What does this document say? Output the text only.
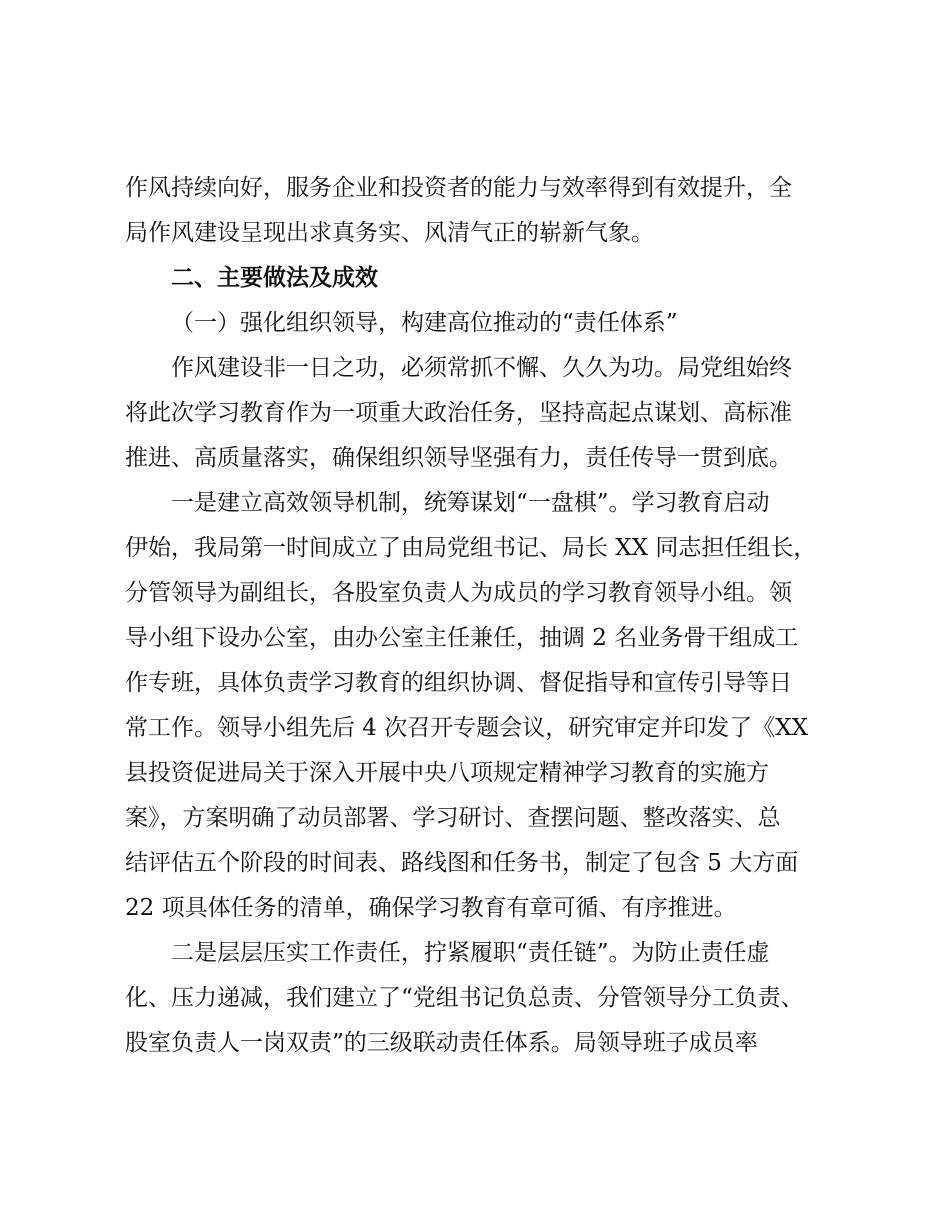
作风持续向好，服务企业和投资者的能力与效率得到有效提升，全
局作风建设呈现出求真务实、风清气正的崭新气象。
二、主要做法及成效
（一）强化组织领导，构建高位推动的“责任体系”
作风建设非一日之功，必须常抓不懈、久久为功。局党组始终
将此次学习教育作为一项重大政治任务，坚持高起点谋划、高标准
推进、高质量落实，确保组织领导坚强有力，责任传导一贯到底。
一是建立高效领导机制，统筹谋划“一盘棋”。学习教育启动
伊始，我局第一时间成立了由局党组书记、局长 XX 同志担任组长，
分管领导为副组长，各股室负责人为成员的学习教育领导小组。领
导小组下设办公室，由办公室主任兼任，抽调 2 名业务骨干组成工
作专班，具体负责学习教育的组织协调、督促指导和宣传引导等日
常工作。领导小组先后 4 次召开专题会议，研究审定并印发了《XX
县投资促进局关于深入开展中央八项规定精神学习教育的实施方
案》，方案明确了动员部署、学习研讨、查摆问题、整改落实、总
结评估五个阶段的时间表、路线图和任务书，制定了包含 5 大方面
22 项具体任务的清单，确保学习教育有章可循、有序推进。
二是层层压实工作责任，拧紧履职“责任链”。为防止责任虚
化、压力递减，我们建立了“党组书记负总责、分管领导分工负责、
股室负责人一岗双责”的三级联动责任体系。局领导班子成员率
